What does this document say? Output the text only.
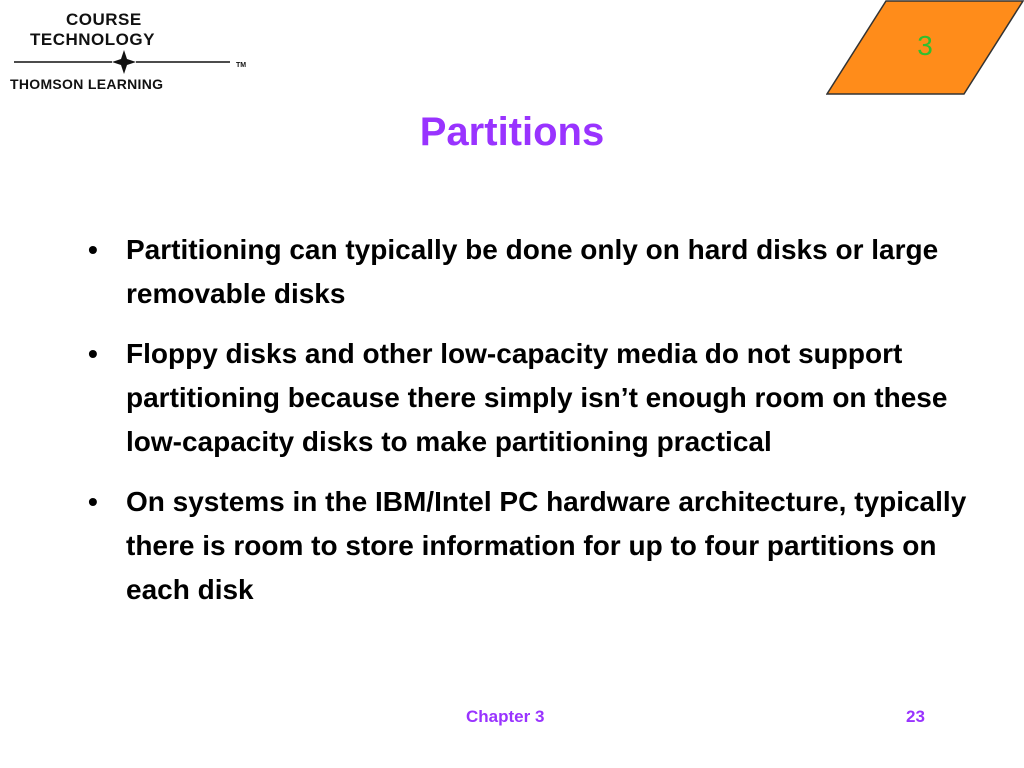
COURSE
TECHNOLOGY
TM
THOMSON LEARNING
3
Partitions
• Partitioning can typically be done only on hard disks or large removable disks
• Floppy disks and other low-capacity media do not support partitioning because there simply isn’t enough room on these low-capacity disks to make partitioning practical
• On systems in the IBM/Intel PC hardware architecture, typically there is room to store information for up to four partitions on each disk
Chapter 3	23
